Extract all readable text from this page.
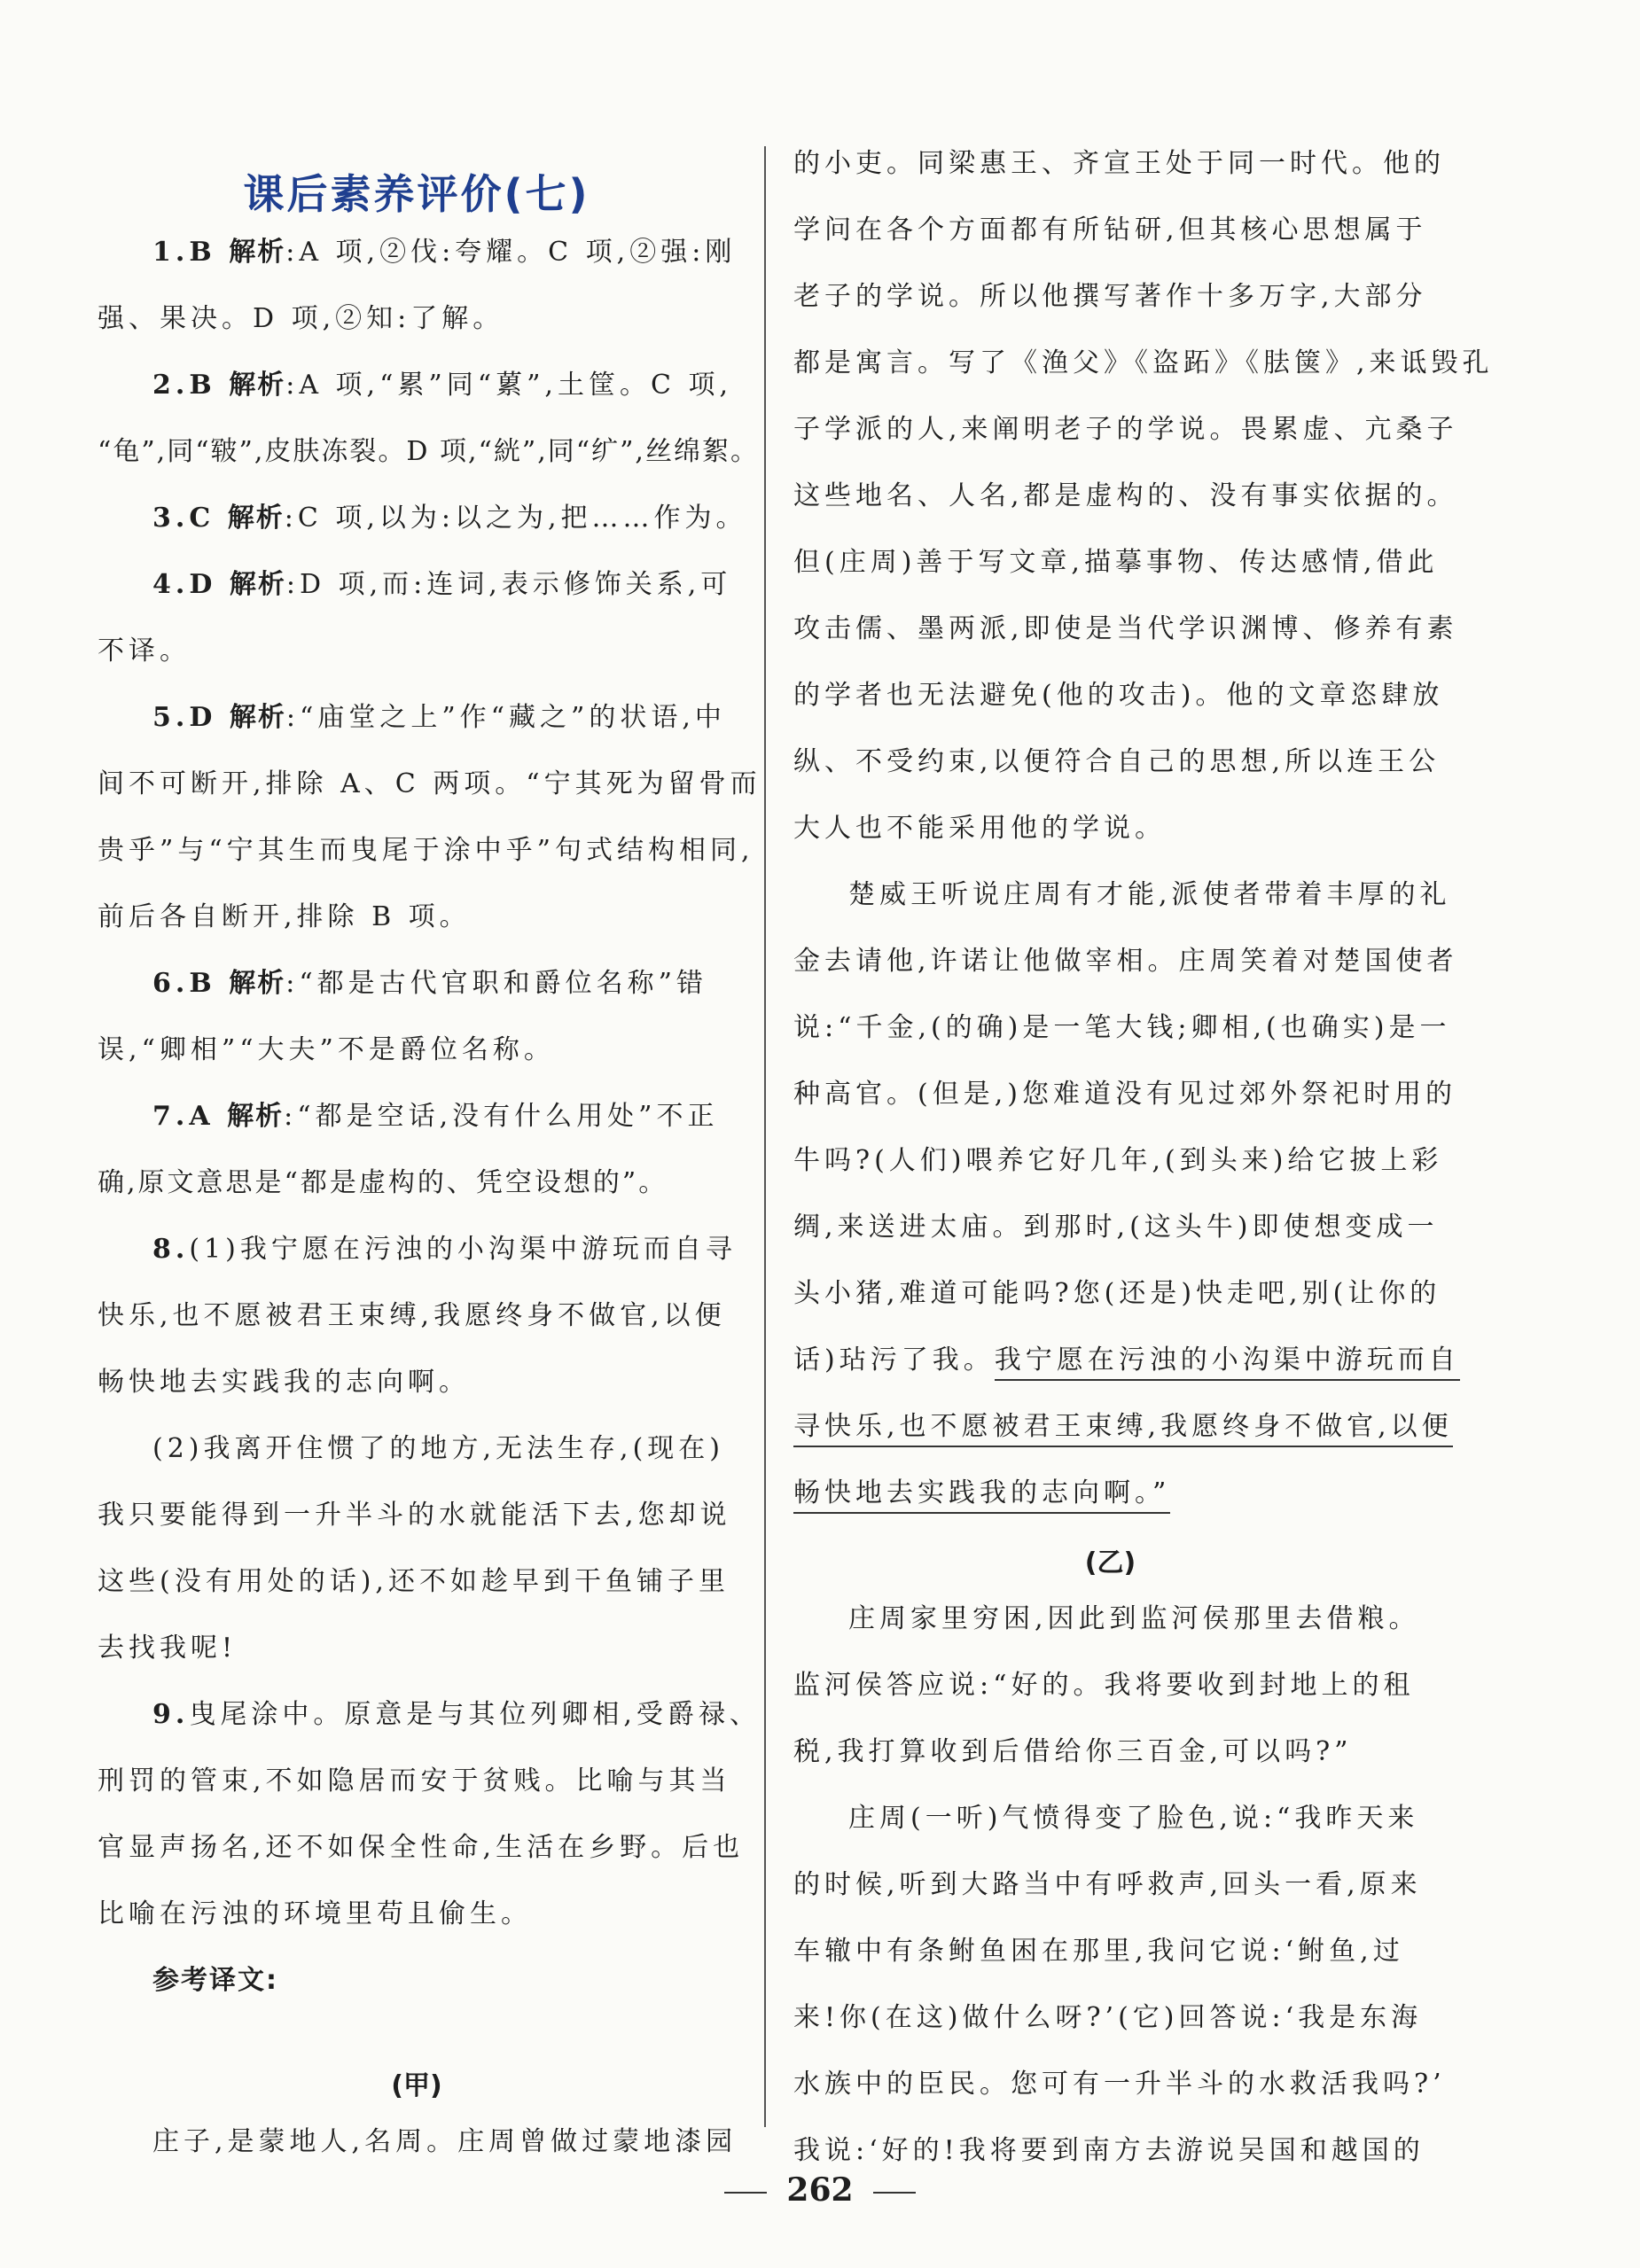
课后素养评价(七)
1.B 解析:A 项,②伐:夸耀。C 项,②强:刚
强、果决。D 项,②知:了解。
2.B 解析:A 项,“累”同“蔂”,土筐。C 项,
“龟”,同“皲”,皮肤冻裂。D 项,“絖”,同“纩”,丝绵絮。
3.C 解析:C 项,以为:以之为,把……作为。
4.D 解析:D 项,而:连词,表示修饰关系,可
不译。
5.D 解析:“庙堂之上”作“藏之”的状语,中
间不可断开,排除 A、C 两项。“宁其死为留骨而
贵乎”与“宁其生而曳尾于涂中乎”句式结构相同,
前后各自断开,排除 B 项。
6.B 解析:“都是古代官职和爵位名称”错
误,“卿相”“大夫”不是爵位名称。
7.A 解析:“都是空话,没有什么用处”不正
确,原文意思是“都是虚构的、凭空设想的”。
8.(1)我宁愿在污浊的小沟渠中游玩而自寻
快乐,也不愿被君王束缚,我愿终身不做官,以便
畅快地去实践我的志向啊。
(2)我离开住惯了的地方,无法生存,(现在)
我只要能得到一升半斗的水就能活下去,您却说
这些(没有用处的话),还不如趁早到干鱼铺子里
去找我呢!
9.曳尾涂中。原意是与其位列卿相,受爵禄、
刑罚的管束,不如隐居而安于贫贱。比喻与其当
官显声扬名,还不如保全性命,生活在乡野。后也
比喻在污浊的环境里苟且偷生。
参考译文:
(甲)
庄子,是蒙地人,名周。庄周曾做过蒙地漆园
的小吏。同梁惠王、齐宣王处于同一时代。他的
学问在各个方面都有所钻研,但其核心思想属于
老子的学说。所以他撰写著作十多万字,大部分
都是寓言。写了《渔父》《盗跖》《胠箧》,来诋毁孔
子学派的人,来阐明老子的学说。畏累虚、亢桑子
这些地名、人名,都是虚构的、没有事实依据的。
但(庄周)善于写文章,描摹事物、传达感情,借此
攻击儒、墨两派,即使是当代学识渊博、修养有素
的学者也无法避免(他的攻击)。他的文章恣肆放
纵、不受约束,以便符合自己的思想,所以连王公
大人也不能采用他的学说。
楚威王听说庄周有才能,派使者带着丰厚的礼
金去请他,许诺让他做宰相。庄周笑着对楚国使者
说:“千金,(的确)是一笔大钱;卿相,(也确实)是一
种高官。(但是,)您难道没有见过郊外祭祀时用的
牛吗?(人们)喂养它好几年,(到头来)给它披上彩
绸,来送进太庙。到那时,(这头牛)即使想变成一
头小猪,难道可能吗?您(还是)快走吧,别(让你的
话)玷污了我。我宁愿在污浊的小沟渠中游玩而自
寻快乐,也不愿被君王束缚,我愿终身不做官,以便
畅快地去实践我的志向啊。”
(乙)
庄周家里穷困,因此到监河侯那里去借粮。
监河侯答应说:“好的。我将要收到封地上的租
税,我打算收到后借给你三百金,可以吗?”
庄周(一听)气愤得变了脸色,说:“我昨天来
的时候,听到大路当中有呼救声,回头一看,原来
车辙中有条鲋鱼困在那里,我问它说:‘鲋鱼,过
来!你(在这)做什么呀?’(它)回答说:‘我是东海
水族中的臣民。您可有一升半斗的水救活我吗?’
我说:‘好的!我将要到南方去游说吴国和越国的
262
